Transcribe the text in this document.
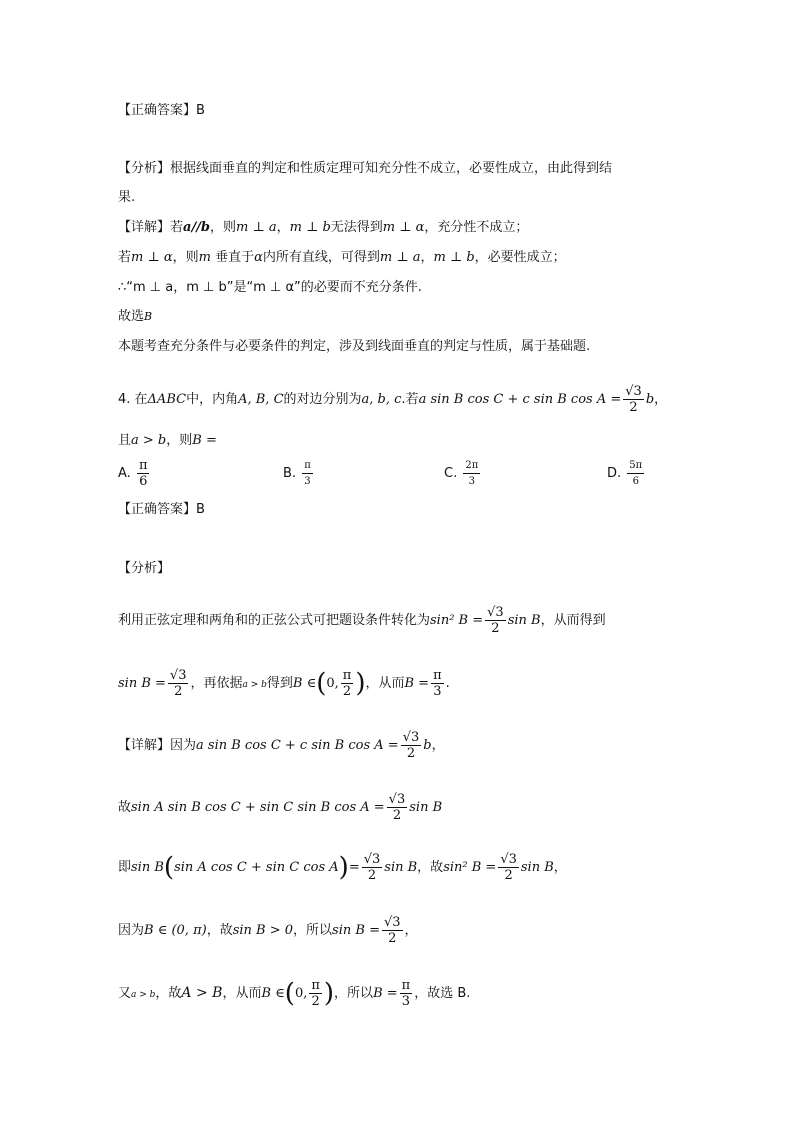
【正确答案】B
【分析】根据线面垂直的判定和性质定理可知充分性不成立，必要性成立，由此得到结
果.
【详解】若a//b，则m ⊥ a，m ⊥ b无法得到m ⊥ α，充分性不成立；
若m ⊥ α，则m 垂直于α内所有直线，可得到m ⊥ a，m ⊥ b，必要性成立；
∴“m ⊥ a，m ⊥ b”是“m ⊥ α”的必要而不充分条件.
故选B
本题考查充分条件与必要条件的判定，涉及到线面垂直的判定与性质，属于基础题.
4. 在ΔABC中，内角A, B, C的对边分别为a, b, c.若a sin B cos C + c sin B $\cos A = \frac{√3}{2}$ b，
且a > b，则B =
A. $\frac{\pi}{6}$	B. $\frac{\pi}{3}$	C. $\frac{2\pi}{3}$	D. $\frac{5\pi}{6}$
【正确答案】B
【分析】
利用正弦定理和两角和的正弦公式可把题设条件转化为sin² $B = \frac{√3}{2}$ sin B，从而得到
$\sin B = \frac{√3}{2}$ ，再依据a > b得到B ∈(0, $\frac{\pi}{2}$ )，从而$B = \frac{\pi}{3}$ .
【详解】因为a sin B cos C + c sin B $\cos A = \frac{√3}{2}$ b，
故sin A sin B cos C + sin C sin B $\cos A = \frac{√3}{2}$ sin B
即sin B(sin A cos C + sin C $\cos A)= \frac{√3}{2}$ sin B，故sin² $B = \frac{√3}{2}$ sin B，
因为B ∈ (0, π)，故sin B > 0，所以$\sin B = \frac{√3}{2}$ ，
又a > b，故A > B，从而B ∈(0, $\frac{\pi}{2}$ )，所以$B = \frac{\pi}{3}$ ，故选 B.
